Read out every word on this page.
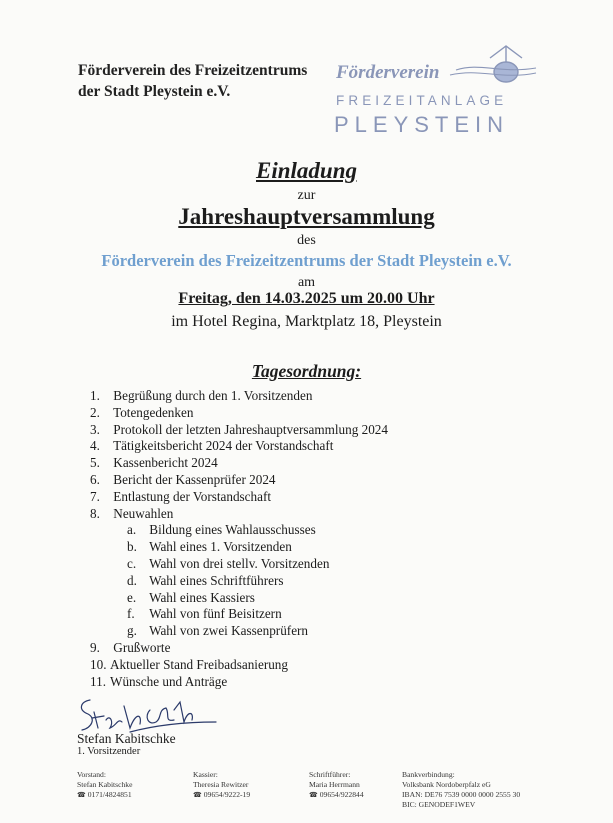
Förderverein des Freizeitzentrums
der Stadt Pleystein e.V.
Förderverein
FREIZEITANLAGE
PLEYSTEIN
Einladung
zur
Jahreshauptversammlung
des
Förderverein des Freizeitzentrums der Stadt Pleystein e.V.
am
Freitag, den 14.03.2025 um 20.00 Uhr
im Hotel Regina, Marktplatz 18, Pleystein
Tagesordnung:
1. Begrüßung durch den 1. Vorsitzenden
2. Totengedenken
3. Protokoll der letzten Jahreshauptversammlung 2024
4. Tätigkeitsbericht 2024 der Vorstandschaft
5. Kassenbericht 2024
6. Bericht der Kassenprüfer 2024
7. Entlastung der Vorstandschaft
8. Neuwahlen
a. Bildung eines Wahlausschusses
b. Wahl eines 1. Vorsitzenden
c. Wahl von drei stellv. Vorsitzenden
d. Wahl eines Schriftführers
e. Wahl eines Kassiers
f. Wahl von fünf Beisitzern
g. Wahl von zwei Kassenprüfern
9. Grußworte
10. Aktueller Stand Freibadsanierung
11. Wünsche und Anträge
Stefan Kabitschke
1. Vorsitzender
Vorstand:
Stefan Kabitschke
☎ 0171/4824851
Kassier:
Theresia Rewitzer
☎ 09654/9222-19
Schriftführer:
Maria Herrmann
☎ 09654/922844
Bankverbindung:
Volksbank Nordoberpfalz eG
IBAN: DE76 7539 0000 0000 2555 30
BIC: GENODEF1WEV
